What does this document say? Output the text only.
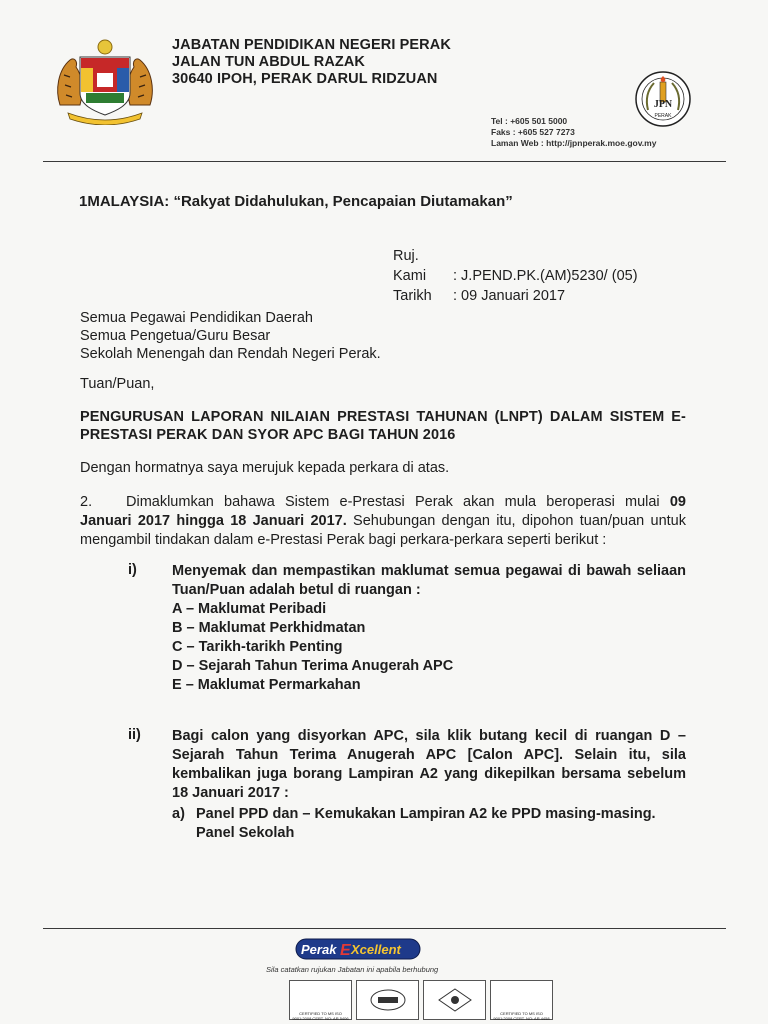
JABATAN PENDIDIKAN NEGERI PERAK
JALAN TUN ABDUL RAZAK
30640 IPOH, PERAK DARUL RIDZUAN
JPN
PERAK
Tel : +605 501 5000
Faks : +605 527 7273
Laman Web : http://jpnperak.moe.gov.my
1MALAYSIA: “Rakyat Didahulukan, Pencapaian Diutamakan”
Ruj. Kami : J.PEND.PK.(AM)5230/ (05)
Tarikh : 09 Januari 2017
Semua Pegawai Pendidikan Daerah
Semua Pengetua/Guru Besar
Sekolah Menengah dan Rendah Negeri Perak.
Tuan/Puan,
PENGURUSAN LAPORAN NILAIAN PRESTASI TAHUNAN (LNPT) DALAM SISTEM E-PRESTASI PERAK DAN SYOR APC BAGI TAHUN 2016
Dengan hormatnya saya merujuk kepada perkara di atas.
2. Dimaklumkan bahawa Sistem e-Prestasi Perak akan mula beroperasi mulai 09 Januari 2017 hingga 18 Januari 2017. Sehubungan dengan itu, dipohon tuan/puan untuk mengambil tindakan dalam e-Prestasi Perak bagi perkara-perkara seperti berikut :
i) Menyemak dan mempastikan maklumat semua pegawai di bawah seliaan Tuan/Puan adalah betul di ruangan :
A – Maklumat Peribadi
B – Maklumat Perkhidmatan
C – Tarikh-tarikh Penting
D – Sejarah Tahun Terima Anugerah APC
E – Maklumat Permarkahan
ii) Bagi calon yang disyorkan APC, sila klik butang kecil di ruangan D – Sejarah Tahun Terima Anugerah APC [Calon APC]. Selain itu, sila kembalikan juga borang Lampiran A2 yang dikepilkan bersama sebelum 18 Januari 2017 :
a) Panel PPD dan – Kemukakan Lampiran A2 ke PPD masing-masing.
Panel Sekolah
Perak E Xcellent
Sila catatkan rujukan Jabatan ini apabila berhubung
CERTIFIED TO MS ISO 9001:2008 CERT. NO: AR 5406
CERTIFIED TO MS ISO 9001:2008 CERT. NO: AR 4458
